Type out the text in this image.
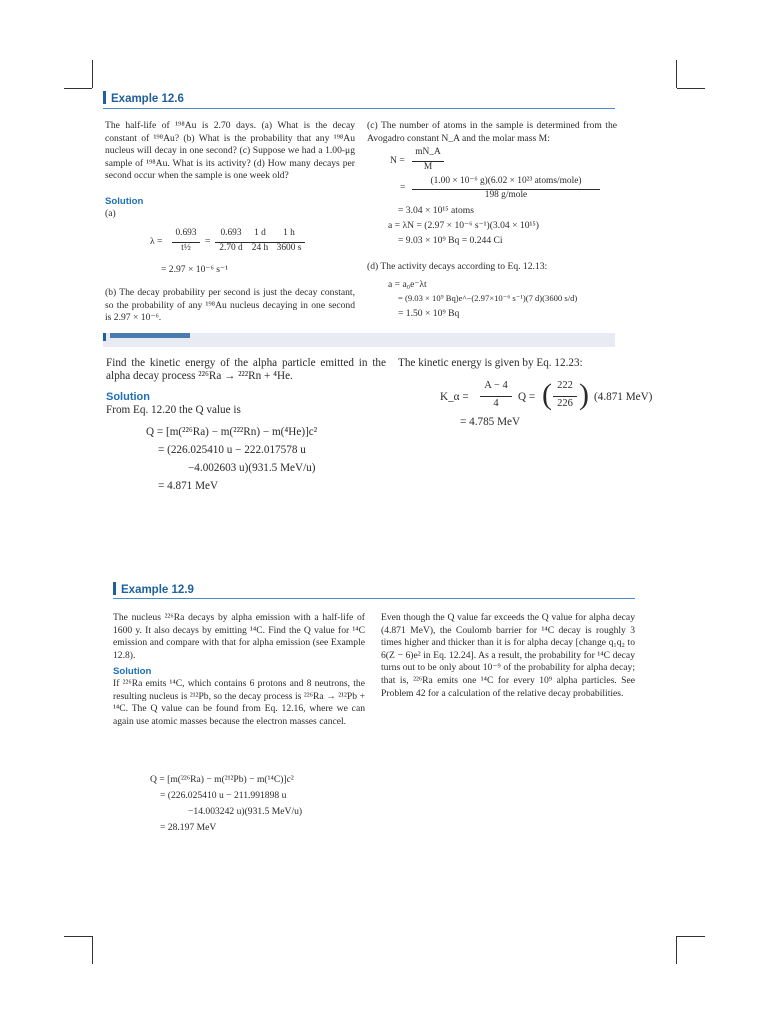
Example 12.6
The half-life of ¹⁹⁸Au is 2.70 days. (a) What is the decay constant of ¹⁹⁸Au? (b) What is the probability that any ¹⁹⁸Au nucleus will decay in one second? (c) Suppose we had a 1.00-μg sample of ¹⁹⁸Au. What is its activity? (d) How many decays per second occur when the sample is one week old?
Solution
(a)
λ =
0.693
t½
=
0.693	1 d	1 h
2.70 d 24 h 3600 s
= 2.97 × 10⁻⁶ s⁻¹
(b) The decay probability per second is just the decay constant, so the probability of any ¹⁹⁸Au nucleus decaying in one second is 2.97 × 10⁻⁶.
(c) The number of atoms in the sample is determined from the Avogadro constant N_A and the molar mass M:
N =
mN_A
M
=
(1.00 × 10⁻⁶ g)(6.02 × 10²³ atoms/mole)
198 g/mole
= 3.04 × 10¹⁵ atoms
a = λN = (2.97 × 10⁻⁶ s⁻¹)(3.04 × 10¹⁵)
= 9.03 × 10⁹ Bq = 0.244 Ci
(d) The activity decays according to Eq. 12.13:
a = a₀e⁻λt
= (9.03 × 10⁹ Bq)e^−(2.97×10⁻⁶ s⁻¹)(7 d)(3600 s/d)
= 1.50 × 10⁹ Bq
Find the kinetic energy of the alpha particle emitted in the alpha decay process ²²⁶Ra → ²²²Rn + ⁴He.
Solution
From Eq. 12.20 the Q value is
Q = [m(²²⁶Ra) − m(²²²Rn) − m(⁴He)]c²
= (226.025410 u − 222.017578 u
−4.002603 u)(931.5 MeV/u)
= 4.871 MeV
The kinetic energy is given by Eq. 12.23:
K_α =
A − 4
4
Q = ( 222
226 ) (4.871 MeV)
= 4.785 MeV
Example 12.9
The nucleus ²²⁶Ra decays by alpha emission with a half-life of 1600 y. It also decays by emitting ¹⁴C. Find the Q value for ¹⁴C emission and compare with that for alpha emission (see Example 12.8).
Solution
If ²²⁶Ra emits ¹⁴C, which contains 6 protons and 8 neutrons, the resulting nucleus is ²¹²Pb, so the decay process is ²²⁶Ra → ²¹²Pb + ¹⁴C. The Q value can be found from Eq. 12.16, where we can again use atomic masses because the electron masses cancel.
Q = [m(²²⁶Ra) − m(²¹²Pb) − m(¹⁴C)]c²
= (226.025410 u − 211.991898 u
−14.003242 u)(931.5 MeV/u)
= 28.197 MeV
Even though the Q value far exceeds the Q value for alpha decay (4.871 MeV), the Coulomb barrier for ¹⁴C decay is roughly 3 times higher and thicker than it is for alpha decay [change q₁q₂ to 6(Z − 6)e² in Eq. 12.24]. As a result, the probability for ¹⁴C decay turns out to be only about 10⁻⁹ of the probability for alpha decay; that is, ²²⁶Ra emits one ¹⁴C for every 10⁹ alpha particles. See Problem 42 for a calculation of the relative decay probabilities.
